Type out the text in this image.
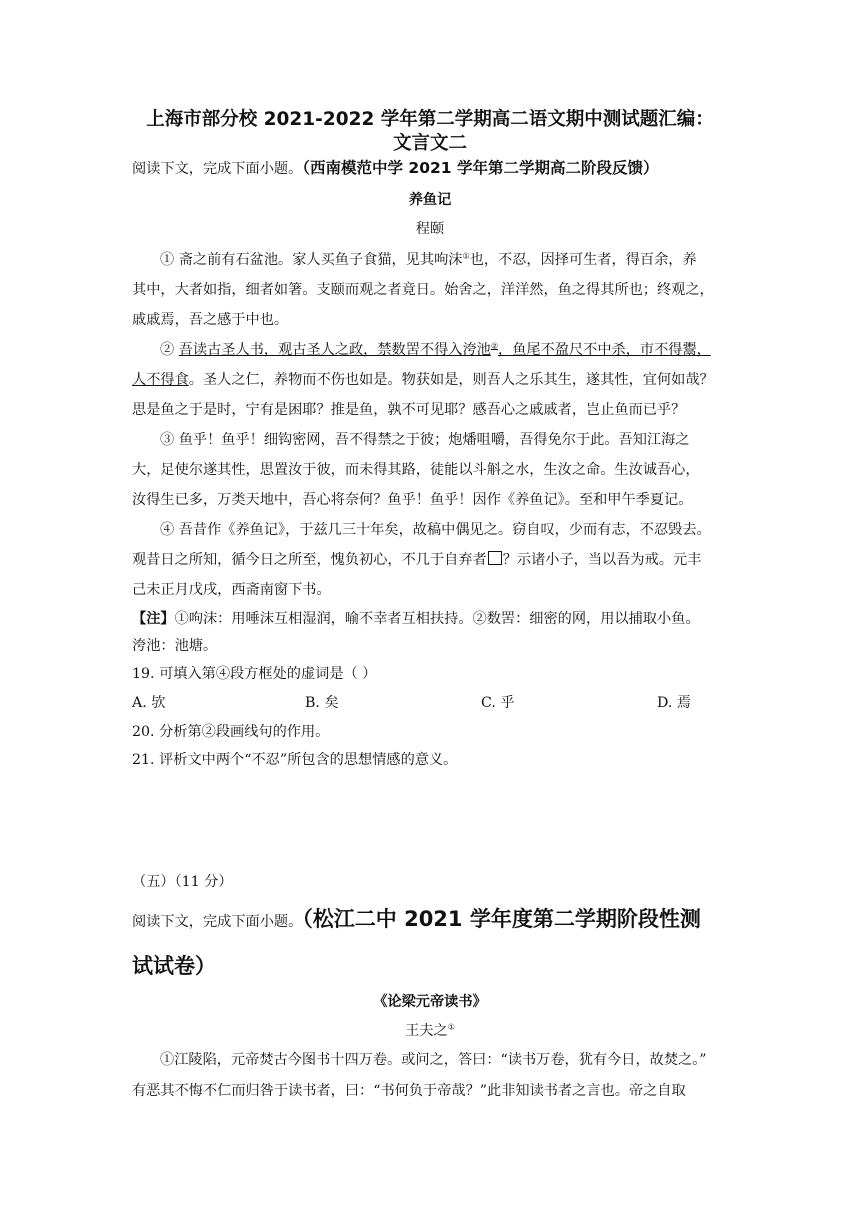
上海市部分校 2021-2022 学年第二学期高二语文期中测试题汇编：
文言文二

阅读下文，完成下面小题。（西南模范中学 2021 学年第二学期高二阶段反馈）

养鱼记

程颐

① 斋之前有石盆池。家人买鱼子食猫，见其呴沫①也，不忍，因择可生者，得百余，养

其中，大者如指，细者如箸。支颐而观之者竟日。始舍之，洋洋然，鱼之得其所也；终观之，

戚戚焉，吾之感于中也。

② 吾读古圣人书，观古圣人之政，禁数罟不得入洿池②，鱼尾不盈尺不中杀，市不得鬻，

人不得食。圣人之仁，养物而不伤也如是。物获如是，则吾人之乐其生，遂其性，宜何如哉？

思是鱼之于是时，宁有是困耶？推是鱼，孰不可见耶？感吾心之戚戚者，岂止鱼而已乎？

③ 鱼乎！鱼乎！细钩密网，吾不得禁之于彼；炮燔咀嚼，吾得免尔于此。吾知江海之

大，足使尔遂其性，思置汝于彼，而未得其路，徒能以斗斛之水，生汝之命。生汝诚吾心，

汝得生已多，万类天地中，吾心将奈何？鱼乎！鱼乎！因作《养鱼记》。至和甲午季夏记。

④ 吾昔作《养鱼记》，于兹几三十年矣，故稿中偶见之。窃自叹，少而有志，不忍毁去。

观昔日之所知，循今日之所至，愧负初心，不几于自弃者 ？示诸小子，当以吾为戒。元丰

己未正月戊戌，西斋南窗下书。

【注】①呴沫：用唾沫互相湿润，喻不幸者互相扶持。②数罟：细密的网，用以捕取小鱼。

洿池：池塘。

19. 可填入第④段方框处的虚词是（ ）

A. 欤	B. 矣	C. 乎	D. 焉

20. 分析第②段画线句的作用。

21. 评析文中两个“不忍”所包含的思想情感的意义。

（五）（11 分）

阅读下文，完成下面小题。（松江二中 2021 学年度第二学期阶段性测

试试卷）

《论梁元帝读书》

王夫之①

①江陵陷，元帝焚古今图书十四万卷。或问之，答曰：“读书万卷，犹有今日，故焚之。”

有恶其不悔不仁而归咎于读书者，曰：“书何负于帝哉？”此非知读书者之言也。帝之自取
